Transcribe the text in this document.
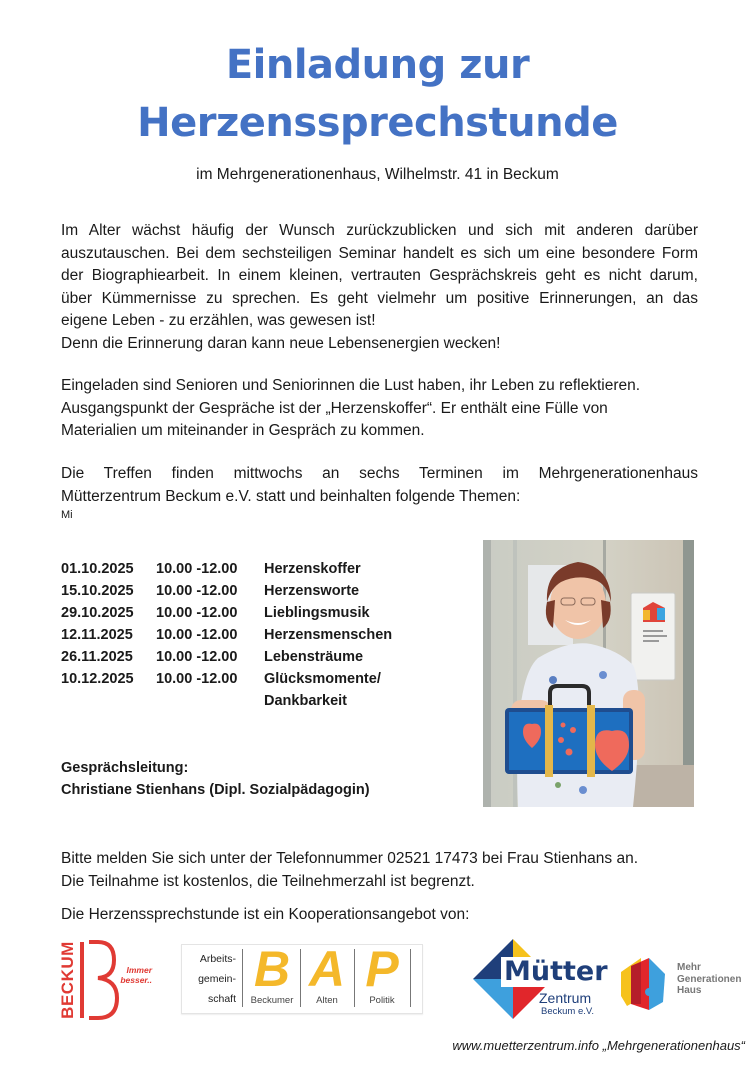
Einladung zur
Herzenssprechstunde
im Mehrgenerationenhaus, Wilhelmstr. 41 in Beckum
Im Alter wächst häufig der Wunsch zurückzublicken und sich mit anderen darüber
auszutauschen. Bei dem sechsteiligen Seminar handelt es sich um eine besondere Form
der Biographiearbeit. In einem kleinen, vertrauten Gesprächskreis geht es nicht darum,
über Kümmernisse zu sprechen. Es geht vielmehr um positive Erinnerungen, an das
eigene Leben - zu erzählen, was gewesen ist!
Denn die Erinnerung daran kann neue Lebensenergien wecken!
Eingeladen sind Senioren und Seniorinnen die Lust haben, ihr Leben zu reflektieren.
Ausgangspunkt der Gespräche ist der „Herzenskoffer“. Er enthält eine Fülle von
Materialien um miteinander in Gespräch zu kommen.
Die Treffen finden mittwochs an sechs Terminen im Mehrgenerationenhaus
Mütterzentrum Beckum e.V. statt und beinhalten folgende Themen:
Mi
01.10.2025	10.00 -12.00	Herzenskoffer
15.10.2025	10.00 -12.00	Herzensworte
29.10.2025	10.00 -12.00	Lieblingsmusik
12.11.2025	10.00 -12.00	Herzensmenschen
26.11.2025	10.00 -12.00	Lebensträume
10.12.2025	10.00 -12.00	Glücksmomente/
Dankbarkeit
Gesprächsleitung:
Christiane Stienhans (Dipl. Sozialpädagogin)
Bitte melden Sie sich unter der Telefonnummer 02521 17473 bei Frau Stienhans an.
Die Teilnahme ist kostenlos, die Teilnehmerzahl ist begrenzt.
Die Herzenssprechstunde ist ein Kooperationsangebot von:
BECKUM	Immer
besser..
Arbeits-
gemein-
schaft
B A P
Beckumer	Alten	Politik
Mütter
Zentrum
Beckum e.V.
Mehr
Generationen
Haus
www.muetterzentrum.info „Mehrgenerationenhaus“
